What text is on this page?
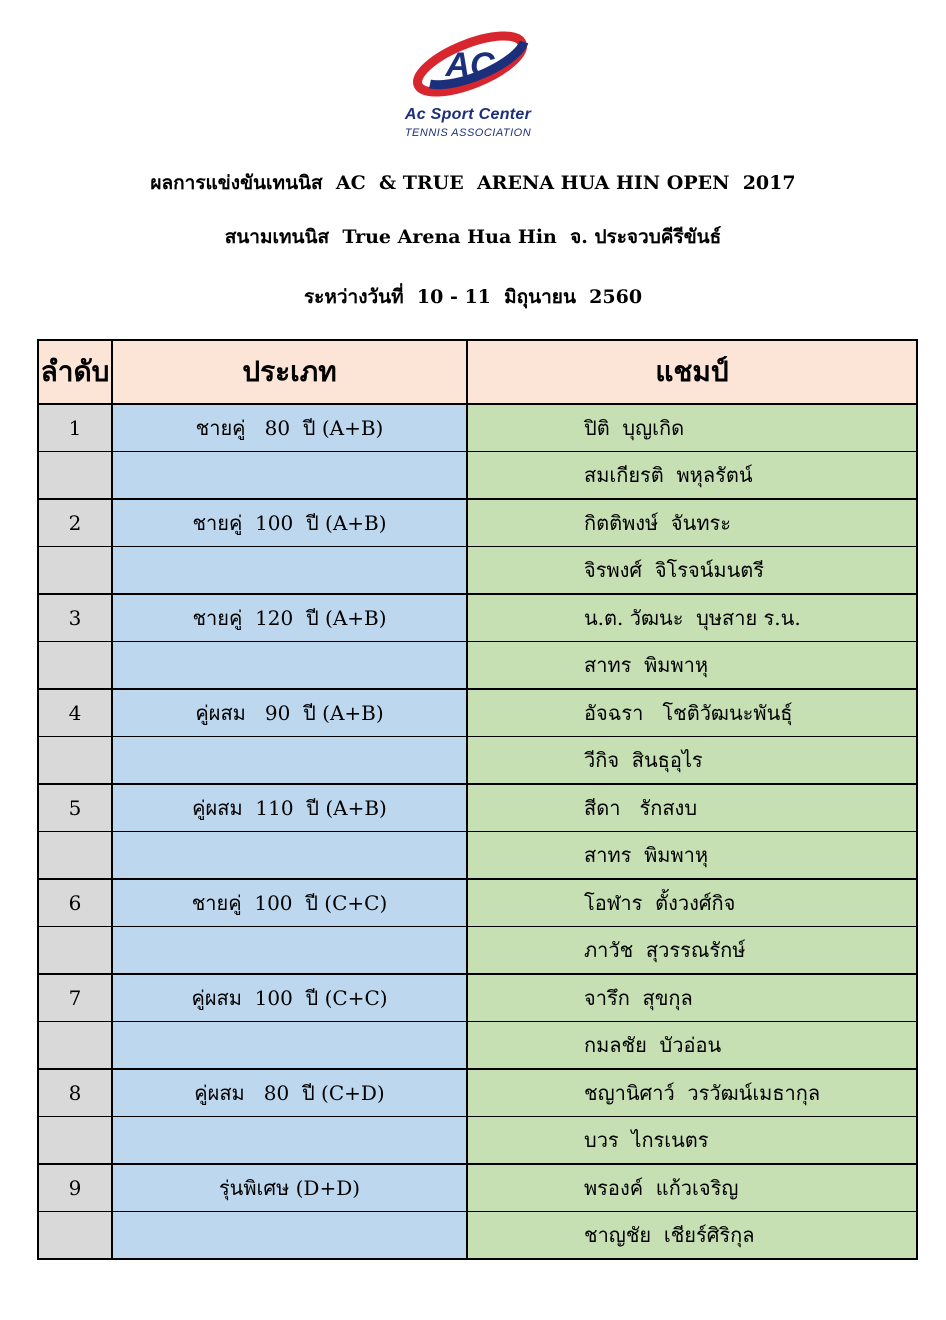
AC
Ac Sport Center
TENNIS ASSOCIATION
ผลการแข่งขันเทนนิส  AC  & TRUE  ARENA HUA HIN OPEN  2017
สนามเทนนิส  True Arena Hua Hin  จ. ประจวบคีรีขันธ์
ระหว่างวันที่  10 - 11  มิถุนายน  2560
ลำดับ	ประเภท	แชมป์
1	ชายคู่   80  ปี (A+B)	ปิติ  บุญเกิด
		สมเกียรติ  พหุลรัตน์
2	ชายคู่  100  ปี (A+B)	กิตติพงษ์  จันทระ
		จิรพงศ์  จิโรจน์มนตรี
3	ชายคู่  120  ปี (A+B)	น.ต. วัฒนะ  บุษสาย ร.น.
		สาทร  พิมพาหุ
4	คู่ผสม   90  ปี (A+B)	อัจฉรา   โชติวัฒนะพันธุ์
		วีกิจ  สินธุอุไร
5	คู่ผสม  110  ปี (A+B)	สีดา   รักสงบ
		สาทร  พิมพาหุ
6	ชายคู่  100  ปี (C+C)	โอฬาร  ตั้งวงศ์กิจ
		ภาวัช  สุวรรณรักษ์
7	คู่ผสม  100  ปี (C+C)	จารึก  สุขกุล
		กมลชัย  บัวอ่อน
8	คู่ผสม   80  ปี (C+D)	ชญานิศาว์  วรวัฒน์เมธากุล
		บวร  ไกรเนตร
9	รุ่นพิเศษ (D+D)	พรองค์  แก้วเจริญ
		ชาญชัย  เชียร์ศิริกุล
